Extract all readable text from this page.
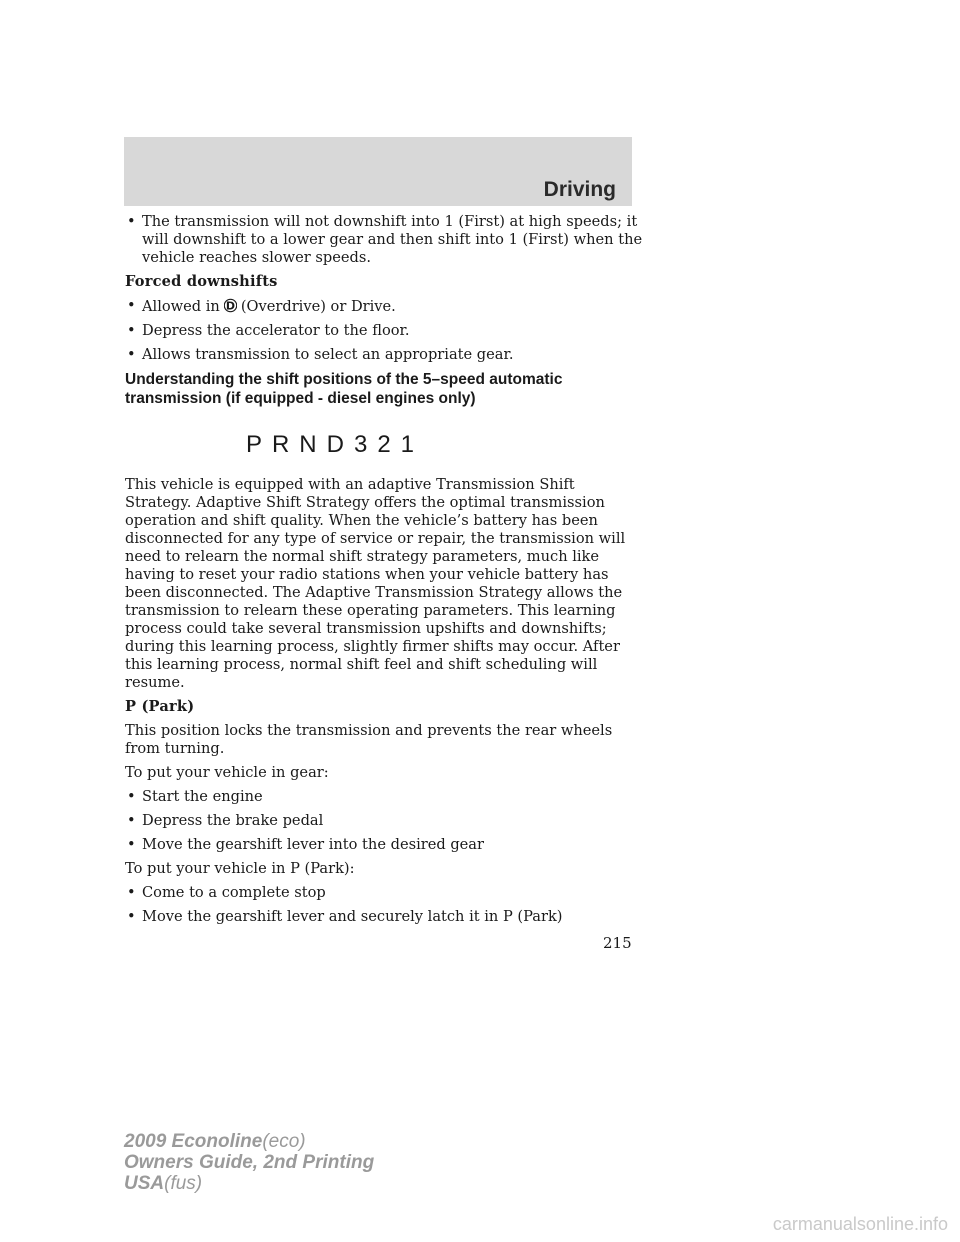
Driving
• The transmission will not downshift into 1 (First) at high speeds; it will downshift to a lower gear and then shift into 1 (First) when the vehicle reaches slower speeds.
Forced downshifts
• Allowed in D (Overdrive) or Drive.
• Depress the accelerator to the floor.
• Allows transmission to select an appropriate gear.
Understanding the shift positions of the 5–speed automatic
transmission (if equipped - diesel engines only)
PRND321
This vehicle is equipped with an adaptive Transmission Shift Strategy. Adaptive Shift Strategy offers the optimal transmission operation and shift quality. When the vehicle’s battery has been disconnected for any type of service or repair, the transmission will need to relearn the normal shift strategy parameters, much like having to reset your radio stations when your vehicle battery has been disconnected. The Adaptive Transmission Strategy allows the transmission to relearn these operating parameters. This learning process could take several transmission upshifts and downshifts; during this learning process, slightly firmer shifts may occur. After this learning process, normal shift feel and shift scheduling will resume.
P (Park)
This position locks the transmission and prevents the rear wheels from turning.
To put your vehicle in gear:
• Start the engine
• Depress the brake pedal
• Move the gearshift lever into the desired gear
To put your vehicle in P (Park):
• Come to a complete stop
• Move the gearshift lever and securely latch it in P (Park)
215
2009 Econoline(eco)
Owners Guide, 2nd Printing
USA(fus)
carmanualsonline.info
